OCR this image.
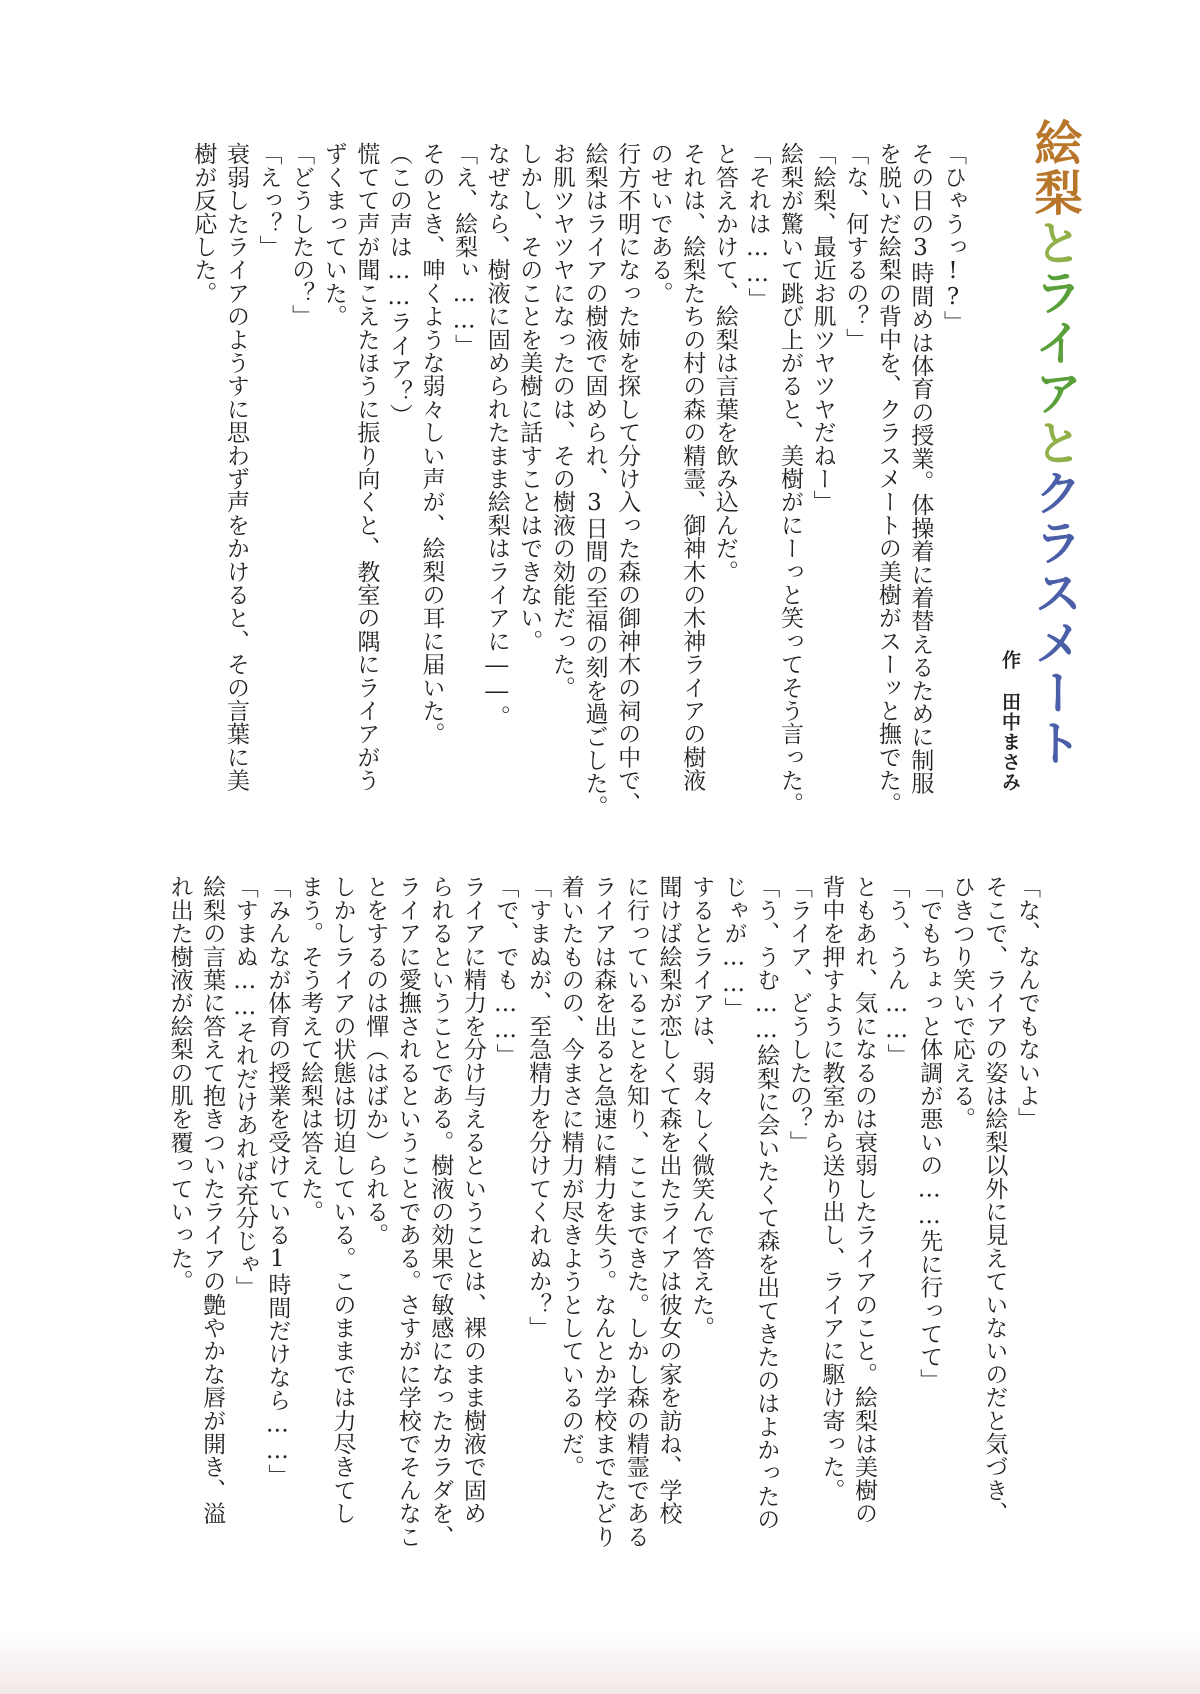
絵梨とライアとクラスメート
作田中まさみ

「ひゃうっ!?」

その日の3時間めは体育の授業。体操着に着替えるために制服

を脱いだ絵梨の背中を、クラスメートの美樹がスーッと撫でた。

「な、何するの？」

「絵梨、最近お肌ツヤツヤだねー」

絵梨が驚いて跳び上がると、美樹がにーっと笑ってそう言った。

「それは……」

と答えかけて、絵梨は言葉を飲み込んだ。

それは、絵梨たちの村の森の精霊、御神木の木神ライアの樹液

のせいである。

行方不明になった姉を探して分け入った森の御神木の祠の中で、

絵梨はライアの樹液で固められ、3日間の至福の刻を過ごした。

お肌ツヤツヤになったのは、その樹液の効能だった。

しかし、そのことを美樹に話すことはできない。

なぜなら、樹液に固められたまま絵梨はライアに――。

「え、絵梨ぃ……」

そのとき、呻くような弱々しい声が、絵梨の耳に届いた。

（この声は……ライア？）

慌てて声が聞こえたほうに振り向くと、教室の隅にライアがう

ずくまっていた。

「どうしたの？」

「えっ？」

衰弱したライアのようすに思わず声をかけると、その言葉に美

樹が反応した。

「な、なんでもないよ」

そこで、ライアの姿は絵梨以外に見えていないのだと気づき、

ひきつり笑いで応える。

「でもちょっと体調が悪いの……先に行ってて」

「う、うん……」

ともあれ、気になるのは衰弱したライアのこと。絵梨は美樹の

背中を押すように教室から送り出し、ライアに駆け寄った。

「ライア、どうしたの？」

「う、うむ……絵梨に会いたくて森を出てきたのはよかったの

じゃが……」

するとライアは、弱々しく微笑んで答えた。

聞けば絵梨が恋しくて森を出たライアは彼女の家を訪ね、学校

に行っていることを知り、ここまできた。しかし森の精霊である

ライアは森を出ると急速に精力を失う。なんとか学校までたどり

着いたものの、今まさに精力が尽きようとしているのだ。

「すまぬが、至急精力を分けてくれぬか？」

「で、でも……」

ライアに精力を分け与えるということは、裸のまま樹液で固め

られるということである。樹液の効果で敏感になったカラダを、

ライアに愛撫されるということである。さすがに学校でそんなこ

とをするのは憚（はばか）られる。

しかしライアの状態は切迫している。このままでは力尽きてし

まう。そう考えて絵梨は答えた。

「みんなが体育の授業を受けている1時間だけなら……」

「すまぬ……それだけあれば充分じゃ」

絵梨の言葉に答えて抱きついたライアの艶やかな唇が開き、溢

れ出た樹液が絵梨の肌を覆っていった。
